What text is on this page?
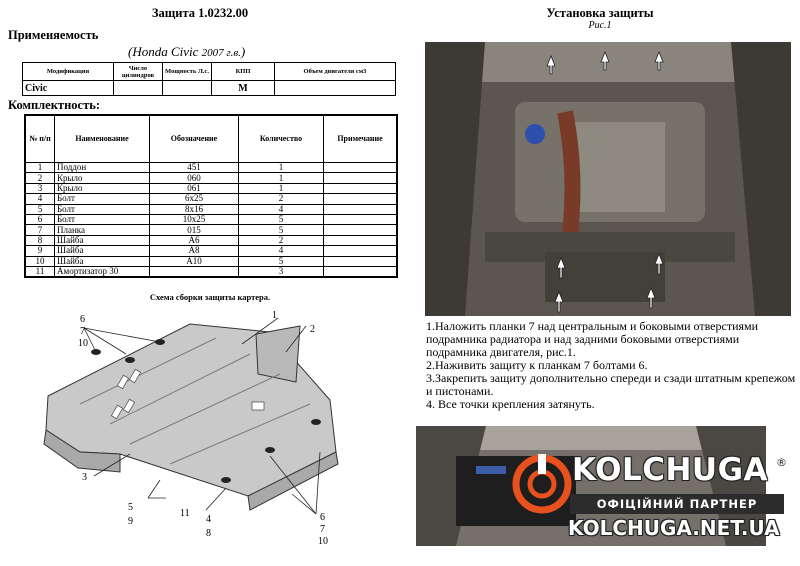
Защита 1.0232.00	Установка защиты
Рис.1
Применяемость
(Honda Civic 2007 г.в.)
Модификация	Число цилиндров	Мощность Л.с.	КПП	Объем двигателя см3
Civic			M	
Комплектность:
№ п/п	Наименование	Обозначение	Количество	Примечание
1	Поддон	451	1	
2	Крыло	060	1	
3	Крыло	061	1	
4	Болт	6x25	2	
5	Болт	8x16	4	
6	Болт	10x25	5	
7	Планка	015	5	
8	Шайба	А6	2	
9	Шайба	А8	4	
10	Шайба	А10	5	
11	Амортизатор 30		3	
Схема сборки защиты картера.
6
7
10
1
2
3
5
9
11
4
8
6
7
10

1.Наложить планки 7 над центральным и боковыми отверстиями подрамника радиатора и над задними боковыми отверстиями подрамника двигателя, рис.1.

2.Наживить защиту к планкам 7 болтами 6.

3.Закрепить защиту дополнительно спереди и сзади штатным крепежом и пистонами.

4. Все точки крепления затянуть.

KOLCHUGA ®
ОФІЦІЙНИЙ ПАРТНЕР
KOLCHUGA.NET.UA
